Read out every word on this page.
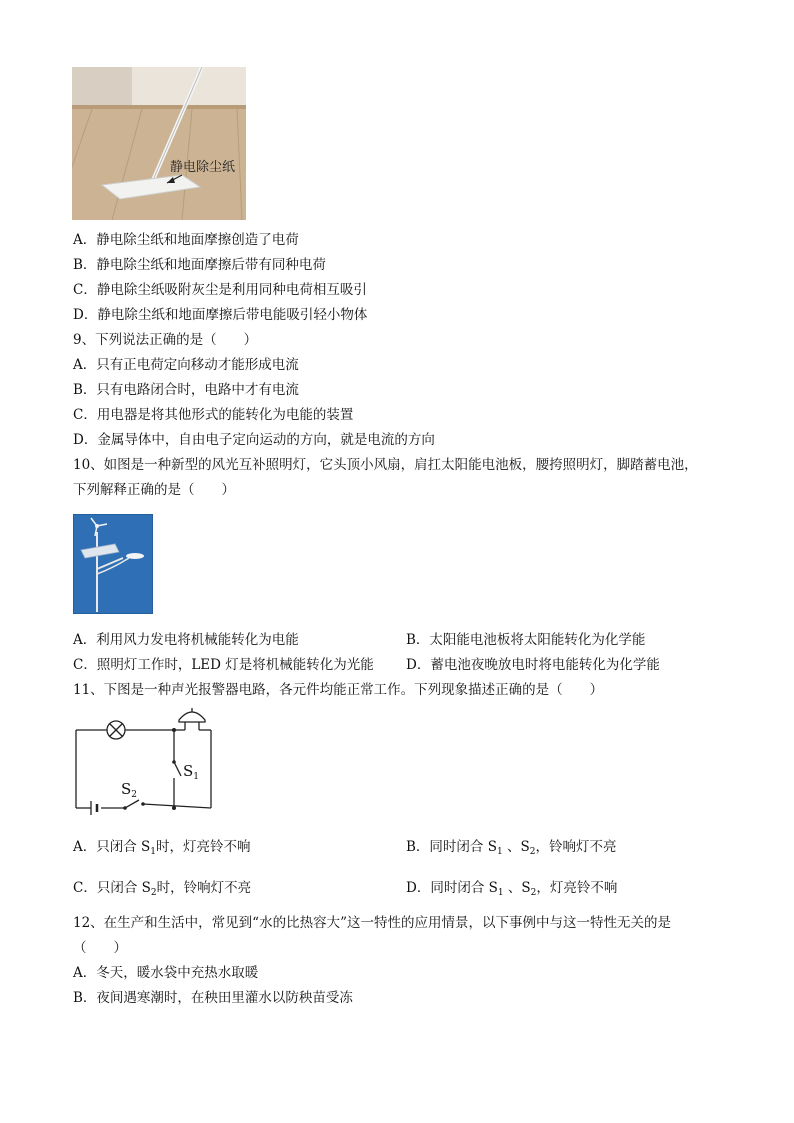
静电除尘纸
A．静电除尘纸和地面摩擦创造了电荷
B．静电除尘纸和地面摩擦后带有同种电荷
C．静电除尘纸吸附灰尘是利用同种电荷相互吸引
D．静电除尘纸和地面摩擦后带电能吸引轻小物体
9、下列说法正确的是（　　）
A．只有正电荷定向移动才能形成电流
B．只有电路闭合时，电路中才有电流
C．用电器是将其他形式的能转化为电能的装置
D．金属导体中，自由电子定向运动的方向，就是电流的方向
10、如图是一种新型的风光互补照明灯，它头顶小风扇，肩扛太阳能电池板，腰挎照明灯，脚踏蓄电池，
下列解释正确的是（　　）
A．利用风力发电将机械能转化为电能	B．太阳能电池板将太阳能转化为化学能
C．照明灯工作时，LED 灯是将机械能转化为光能 D．蓄电池夜晚放电时将电能转化为化学能
11、下图是一种声光报警器电路，各元件均能正常工作。下列现象描述正确的是（　　）
$S_1$
$S_2$
A．只闭合 $S_1$时，灯亮铃不响	B．同时闭合 $S_1$ 、$S_2$，铃响灯不亮
C．只闭合 $S_2$时，铃响灯不亮	D．同时闭合 $S_1$ 、$S_2$，灯亮铃不响
12、在生产和生活中，常见到“水的比热容大”这一特性的应用情景，以下事例中与这一特性无关的是
（　　）
A．冬天，暖水袋中充热水取暖
B．夜间遇寒潮时，在秧田里灌水以防秧苗受冻
